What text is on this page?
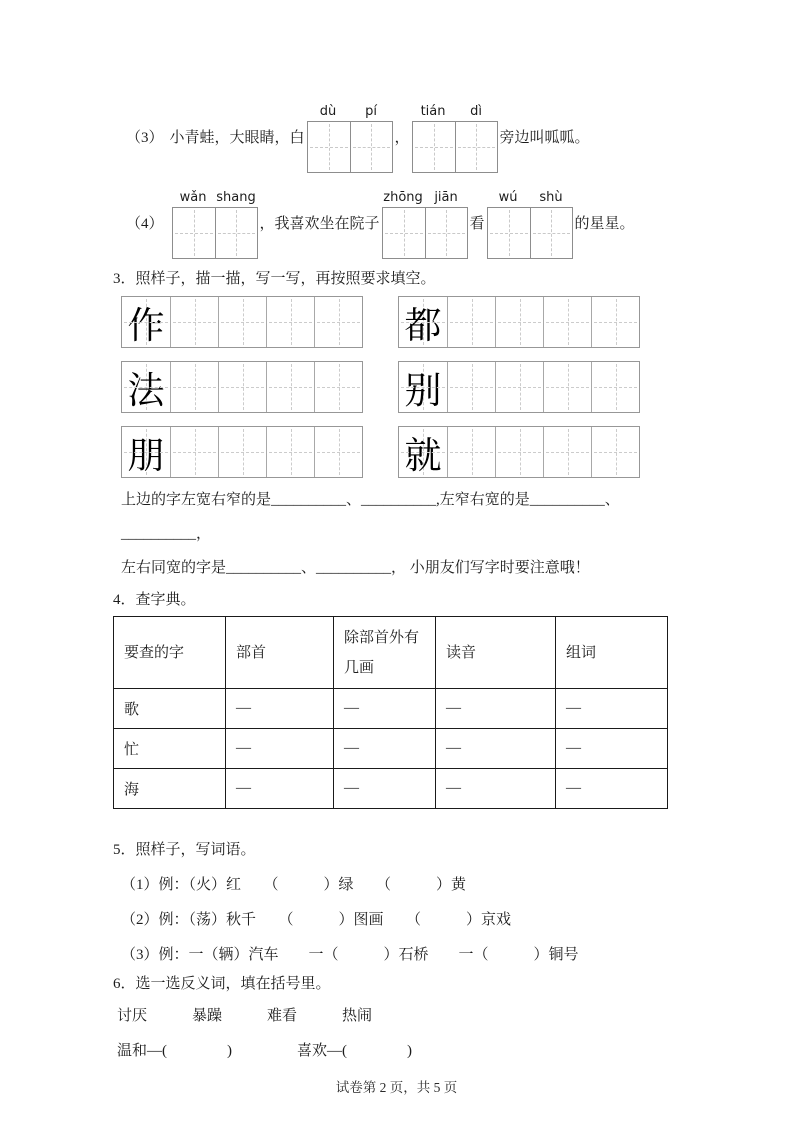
（3） 小青蛙，大眼睛，白
dù	pí
，
tián	dì
旁边叫呱呱。
（4）
wǎn shang
，我喜欢坐在院子
zhōng jiān
看
wú	shù
的星星。
3．照样子，描一描，写一写，再按照要求填空。
作	都
法	别
朋	就
上边的字左宽右窄的是__________、__________,左窄右宽的是__________、__________，
左右同宽的字是__________、__________， 小朋友们写字时要注意哦！
4．查字典。
要查的字	部首	除部首外有几画	读音	组词
歌	—	—	—	—
忙	—	—	—	—
海	—	—	—	—
5．照样子，写词语。
（1）例：（火）红　　（　　　）绿　　（　　　）黄
（2）例：（荡）秋千　　（　　　）图画　　（　　　）京戏
（3）例：一（辆）汽车　　一（　　　）石桥　　一（　　　）铜号
6．选一选反义词，填在括号里。
讨厌	暴躁	难看	热闹
温和—(　　　　)	喜欢—(　　　　)
试卷第 2 页，共 5 页
